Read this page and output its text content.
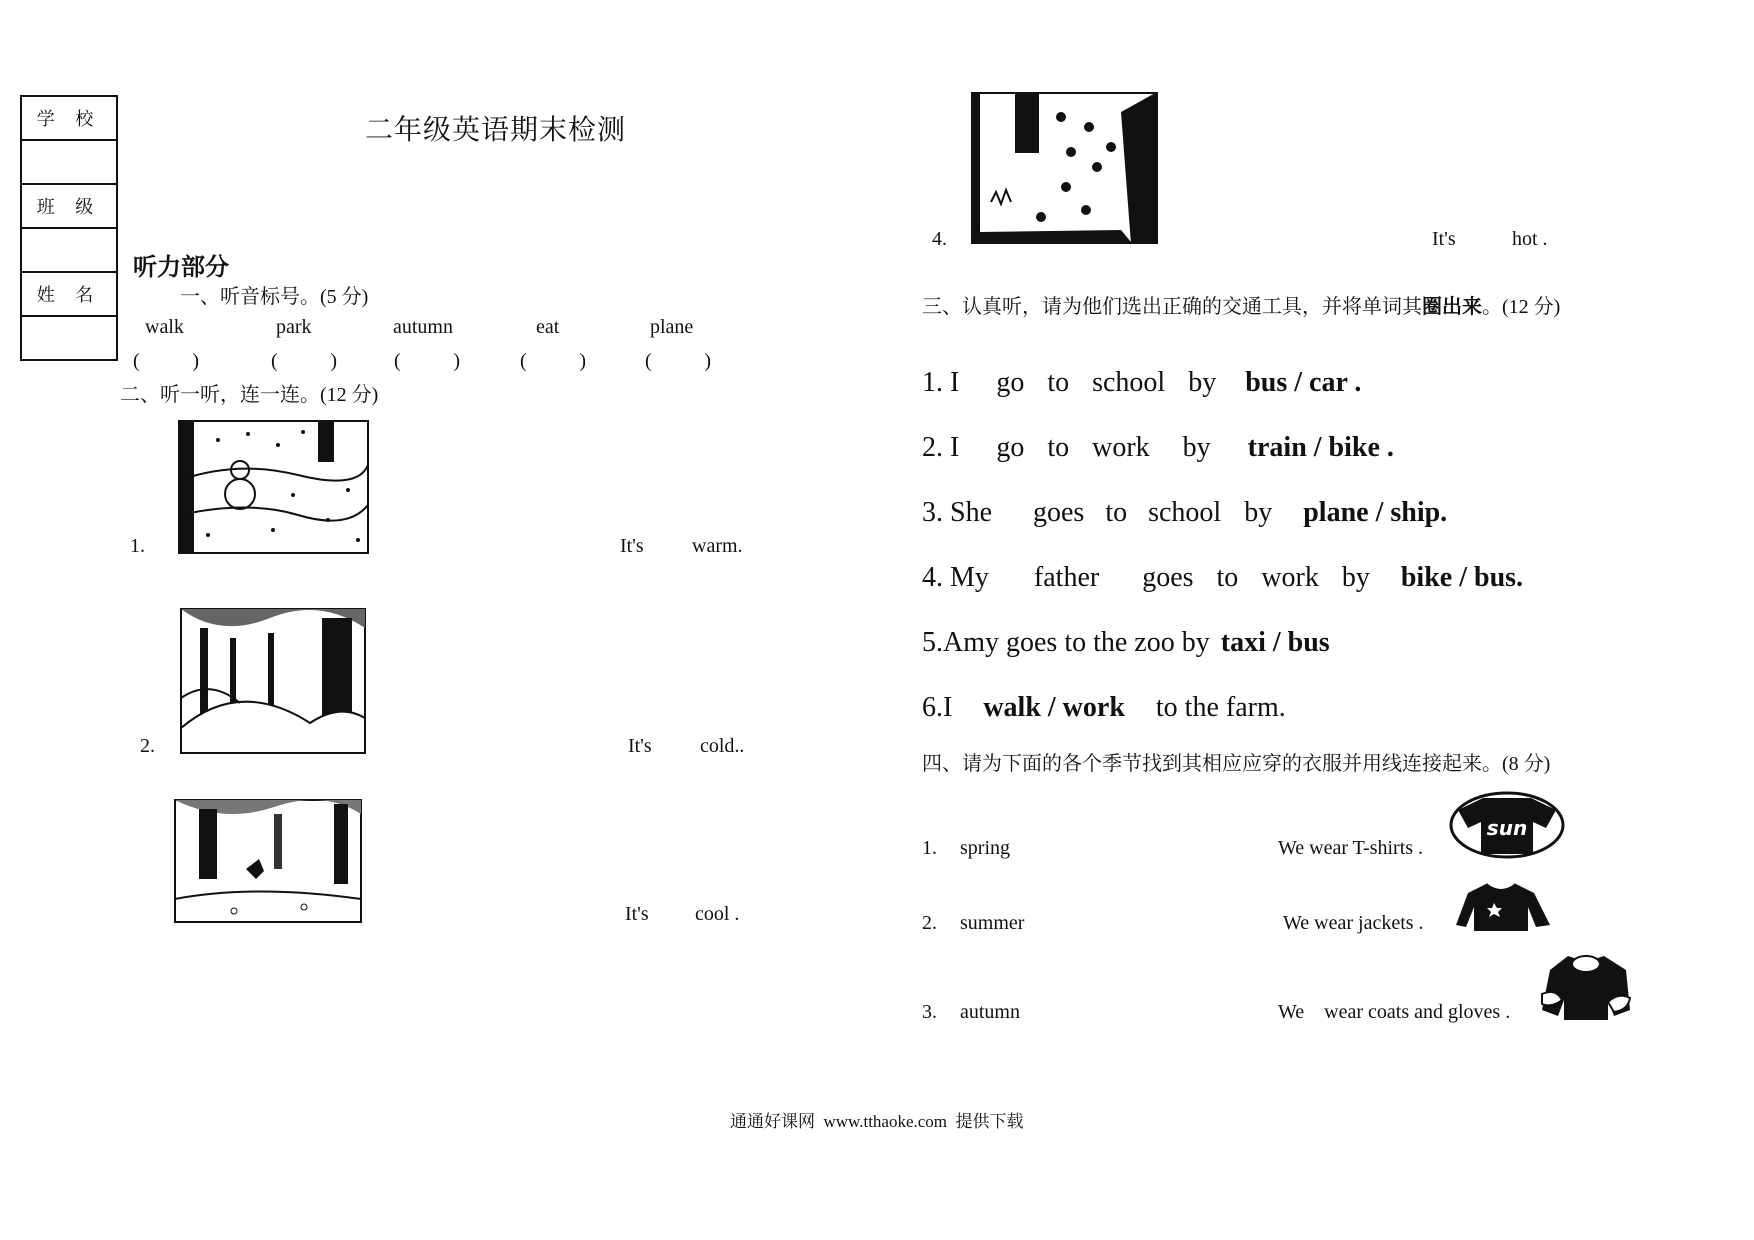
学 校
班 级
姓 名
二年级英语期末检测
听力部分
一、听音标号。(5 分)
walk	park	autumn	eat	plane
(	)	(	)	(	)	(	)	(	)
二、听一听，连一连。(12 分)
1.	It's warm.
2.	It's cold..
It's cool .
4.	It's	hot .
三、认真听，请为他们选出正确的交通工具，并将单词其圈出来。(12 分)
1. I go to school by bus / car .
2. I go to work by train / bike .
3. She goes to school by plane / ship.
4. My father goes to work by bike / bus.
5.Amy goes to the zoo by taxi / bus
6.I walk / work to the farm.
四、请为下面的各个季节找到其相应应穿的衣服并用线连接起来。(8 分)
1. spring	We wear T-shirts .
2. summer	We wear jackets .
3. autumn	We    wear coats and gloves .
sun
通通好课网  www.tthaoke.com  提供下载
